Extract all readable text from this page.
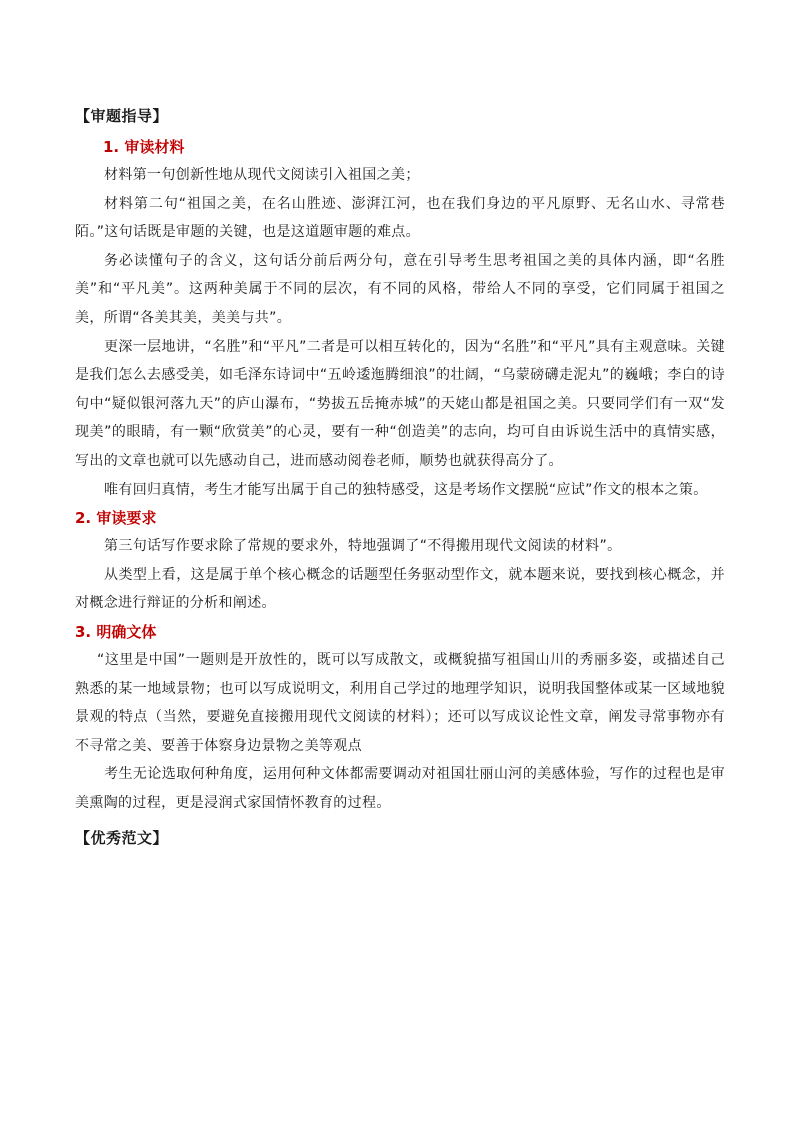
【审题指导】
1. 审读材料

材料第一句创新性地从现代文阅读引入祖国之美；

材料第二句“祖国之美，在名山胜迹、澎湃江河，也在我们身边的平凡原野、无名山水、寻常巷陌。”这句话既是审题的关键，也是这道题审题的难点。

务必读懂句子的含义，这句话分前后两分句，意在引导考生思考祖国之美的具体内涵，即“名胜美”和“平凡美”。这两种美属于不同的层次，有不同的风格，带给人不同的享受，它们同属于祖国之美，所谓“各美其美，美美与共”。

更深一层地讲，“名胜”和“平凡”二者是可以相互转化的，因为“名胜”和“平凡”具有主观意味。关键是我们怎么去感受美，如毛泽东诗词中“五岭逶迤腾细浪”的壮阔，“乌蒙磅礴走泥丸”的巍峨；李白的诗句中“疑似银河落九天”的庐山瀑布，“势拔五岳掩赤城”的天姥山都是祖国之美。只要同学们有一双“发现美”的眼睛，有一颗“欣赏美”的心灵，要有一种“创造美”的志向，均可自由诉说生活中的真情实感，写出的文章也就可以先感动自己，进而感动阅卷老师，顺势也就获得高分了。

唯有回归真情，考生才能写出属于自己的独特感受，这是考场作文摆脱“应试”作文的根本之策。

2. 审读要求

第三句话写作要求除了常规的要求外，特地强调了“不得搬用现代文阅读的材料”。

从类型上看，这是属于单个核心概念的话题型任务驱动型作文，就本题来说，要找到核心概念，并对概念进行辩证的分析和阐述。

3. 明确文体

“这里是中国”一题则是开放性的，既可以写成散文，或概貌描写祖国山川的秀丽多姿，或描述自己熟悉的某一地域景物；也可以写成说明文，利用自己学过的地理学知识，说明我国整体或某一区域地貌景观的特点（当然，要避免直接搬用现代文阅读的材料）；还可以写成议论性文章，阐发寻常事物亦有不寻常之美、要善于体察身边景物之美等观点

考生无论选取何种角度，运用何种文体都需要调动对祖国壮丽山河的美感体验，写作的过程也是审美熏陶的过程，更是浸润式家国情怀教育的过程。

【优秀范文】
